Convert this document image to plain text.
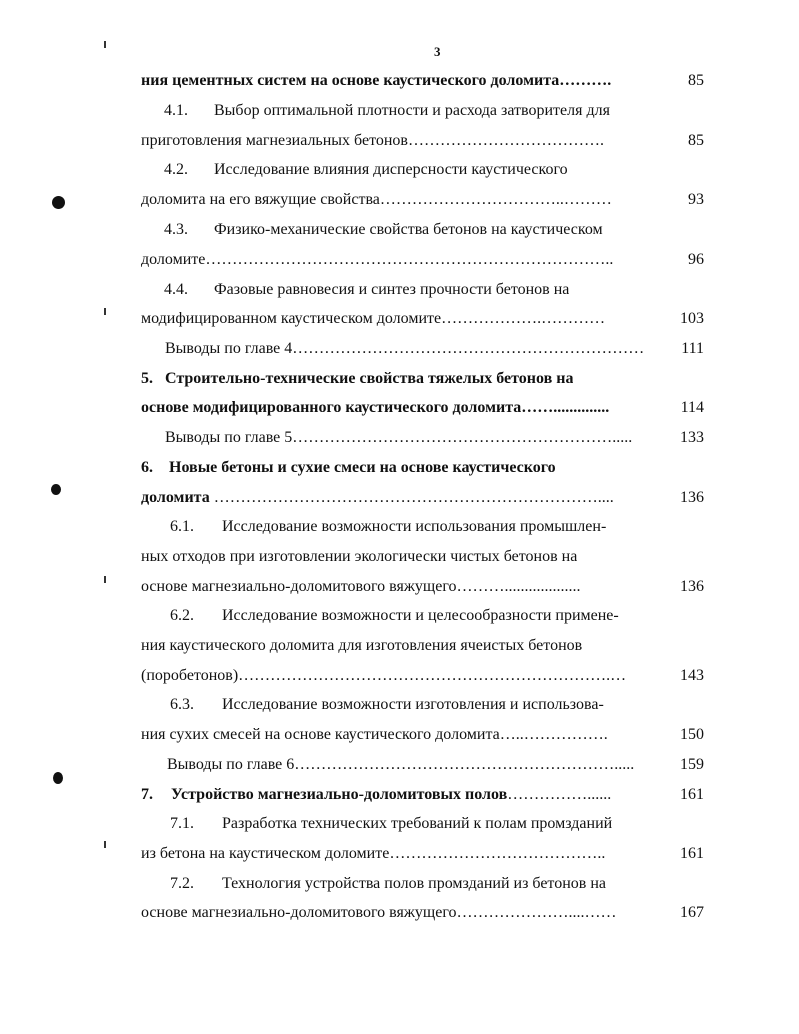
3
ния цементных систем на основе каустического доломита……….	85
4.1. Выбор оптимальной плотности и расхода затворителя для
приготовления магнезиальных бетонов……………………………….	85
4.2. Исследование влияния дисперсности каустического
доломита на его вяжущие свойства……………………………..………	93
4.3. Физико-механические свойства бетонов на каустическом
доломите…………………………………………………………………..	96
4.4. Фазовые равновесия и синтез прочности бетонов на
модифицированном каустическом доломите……………….…………	103
Выводы по главе 4…………………………………………………………	111
5. Строительно-технические свойства тяжелых бетонов на
основе модифицированного каустического доломита……..............	114
Выводы по главе 5…………………………………………………….....	133
6. Новые бетоны и сухие смеси на основе каустического
доломита ………………………………………………………………....	136
6.1. Исследование возможности использования промышлен-
ных отходов при изготовлении экологически чистых бетонов на
основе магнезиально-доломитового вяжущего………...................	136
6.2. Исследование возможности и целесообразности примене-
ния каустического доломита для изготовления ячеистых бетонов
(поробетонов)…………………………………………………………….…	143
6.3. Исследование возможности изготовления и использова-
ния сухих смесей на основе каустического доломита…..…………….	150
Выводы по главе 6…………………………………………………….....	159
7. Устройство магнезиально-доломитовых полов……………......	161
7.1. Разработка технических требований к полам промзданий
из бетона на каустическом доломите…………………………………..	161
7.2. Технология устройства полов промзданий из бетонов на
основе магнезиально-доломитового вяжущего…………………....……	167
